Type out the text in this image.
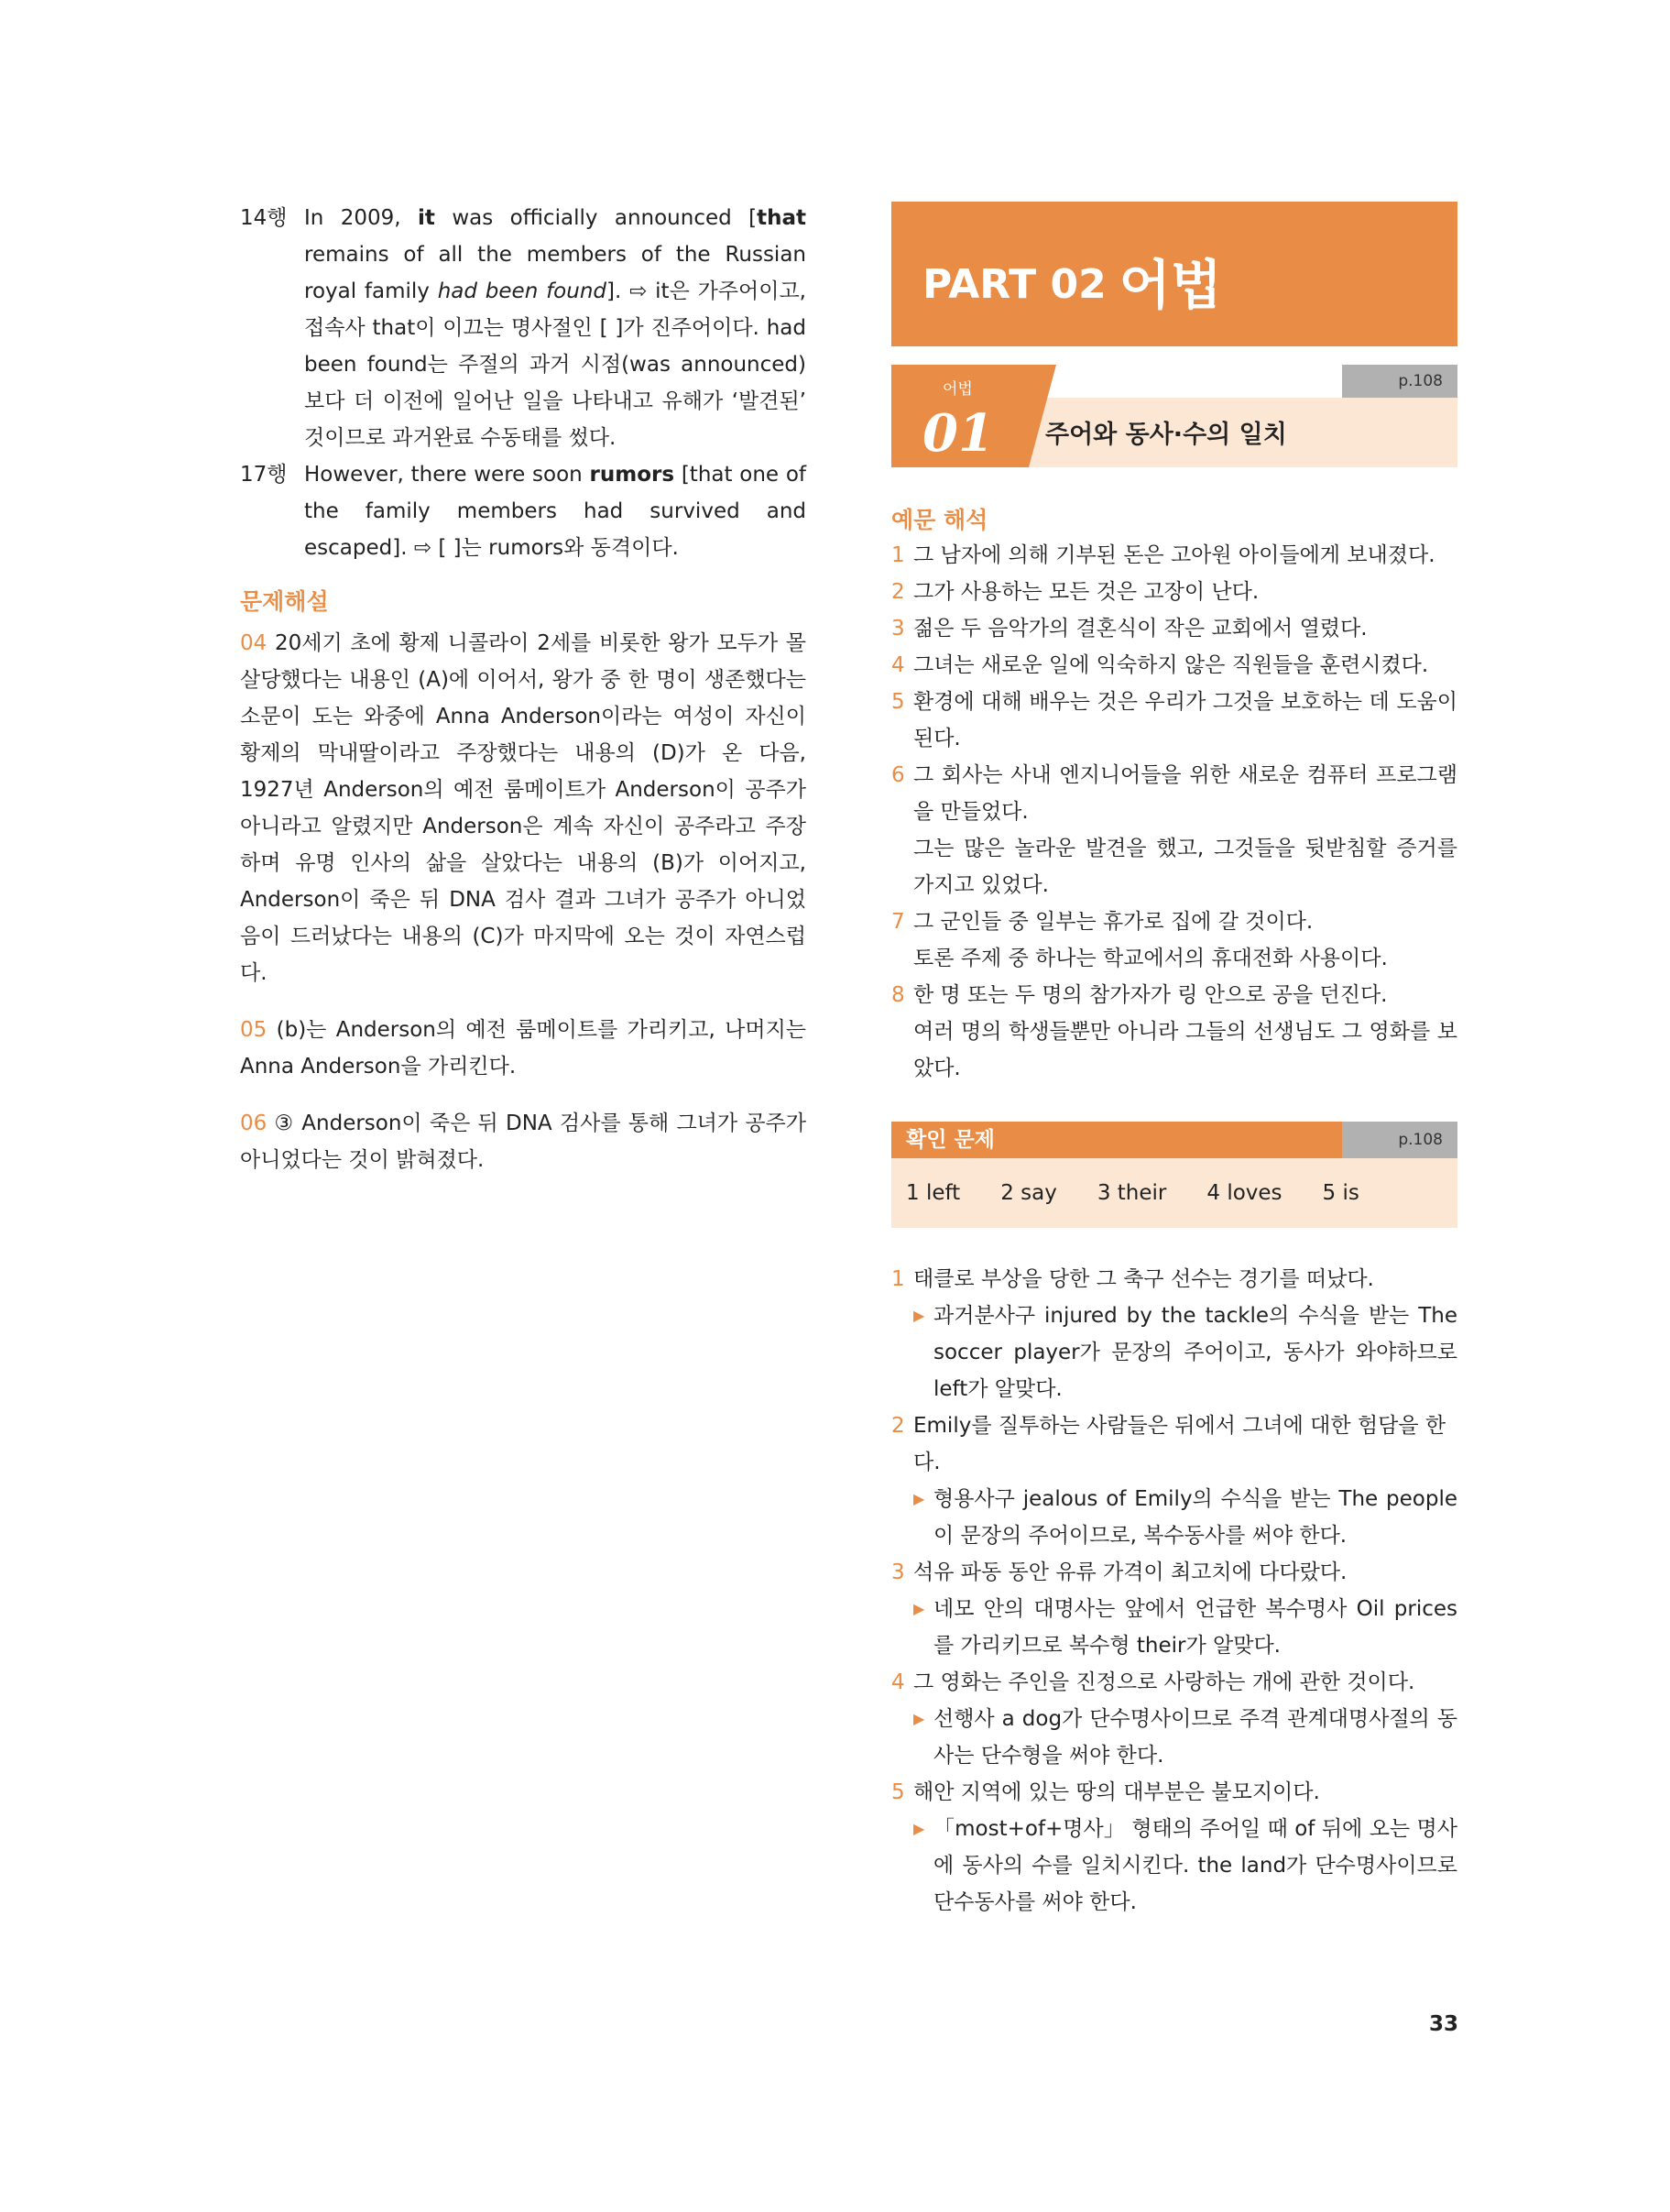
14행 In 2009, it was officially announced [that remains of all the members of the Russian royal family had been found]. ⇨ it은 가주어이고, 접속사 that이 이끄는 명사절인 [ ]가 진주어이다. had been found는 주절의 과거 시점(was announced)보다 더 이전에 일어난 일을 나타내고 유해가 ‘발견된’ 것이므로 과거완료 수동태를 썼다.
17행 However, there were soon rumors [that one of the family members had survived and escaped]. ⇨ [ ]는 rumors와 동격이다.
문제해설
04 20세기 초에 황제 니콜라이 2세를 비롯한 왕가 모두가 몰살당했다는 내용인 (A)에 이어서, 왕가 중 한 명이 생존했다는 소문이 도는 와중에 Anna Anderson이라는 여성이 자신이 황제의 막내딸이라고 주장했다는 내용의 (D)가 온 다음, 1927년 Anderson의 예전 룸메이트가 Anderson이 공주가 아니라고 알렸지만 Anderson은 계속 자신이 공주라고 주장하며 유명 인사의 삶을 살았다는 내용의 (B)가 이어지고, Anderson이 죽은 뒤 DNA 검사 결과 그녀가 공주가 아니었음이 드러났다는 내용의 (C)가 마지막에 오는 것이 자연스럽다.
05 (b)는 Anderson의 예전 룸메이트를 가리키고, 나머지는 Anna Anderson을 가리킨다.
06 ③ Anderson이 죽은 뒤 DNA 검사를 통해 그녀가 공주가 아니었다는 것이 밝혀졌다.
PART 02 어법
p.108
어법
01 주어와 동사·수의 일치
예문 해석
1 그 남자에 의해 기부된 돈은 고아원 아이들에게 보내졌다.
2 그가 사용하는 모든 것은 고장이 난다.
3 젊은 두 음악가의 결혼식이 작은 교회에서 열렸다.
4 그녀는 새로운 일에 익숙하지 않은 직원들을 훈련시켰다.
5 환경에 대해 배우는 것은 우리가 그것을 보호하는 데 도움이 된다.
6 그 회사는 사내 엔지니어들을 위한 새로운 컴퓨터 프로그램을 만들었다.
그는 많은 놀라운 발견을 했고, 그것들을 뒷받침할 증거를 가지고 있었다.
7 그 군인들 중 일부는 휴가로 집에 갈 것이다.
토론 주제 중 하나는 학교에서의 휴대전화 사용이다.
8 한 명 또는 두 명의 참가자가 링 안으로 공을 던진다.
여러 명의 학생들뿐만 아니라 그들의 선생님도 그 영화를 보았다.
확인 문제	p.108
1 left 2 say 3 their 4 loves 5 is
1 태클로 부상을 당한 그 축구 선수는 경기를 떠났다.
▶ 과거분사구 injured by the tackle의 수식을 받는 The soccer player가 문장의 주어이고, 동사가 와야하므로 left가 알맞다.
2 Emily를 질투하는 사람들은 뒤에서 그녀에 대한 험담을 한다.
▶ 형용사구 jealous of Emily의 수식을 받는 The people이 문장의 주어이므로, 복수동사를 써야 한다.
3 석유 파동 동안 유류 가격이 최고치에 다다랐다.
▶ 네모 안의 대명사는 앞에서 언급한 복수명사 Oil prices를 가리키므로 복수형 their가 알맞다.
4 그 영화는 주인을 진정으로 사랑하는 개에 관한 것이다.
▶ 선행사 a dog가 단수명사이므로 주격 관계대명사절의 동사는 단수형을 써야 한다.
5 해안 지역에 있는 땅의 대부분은 불모지이다.
▶ 「most+of+명사」 형태의 주어일 때 of 뒤에 오는 명사에 동사의 수를 일치시킨다. the land가 단수명사이므로 단수동사를 써야 한다.
33
